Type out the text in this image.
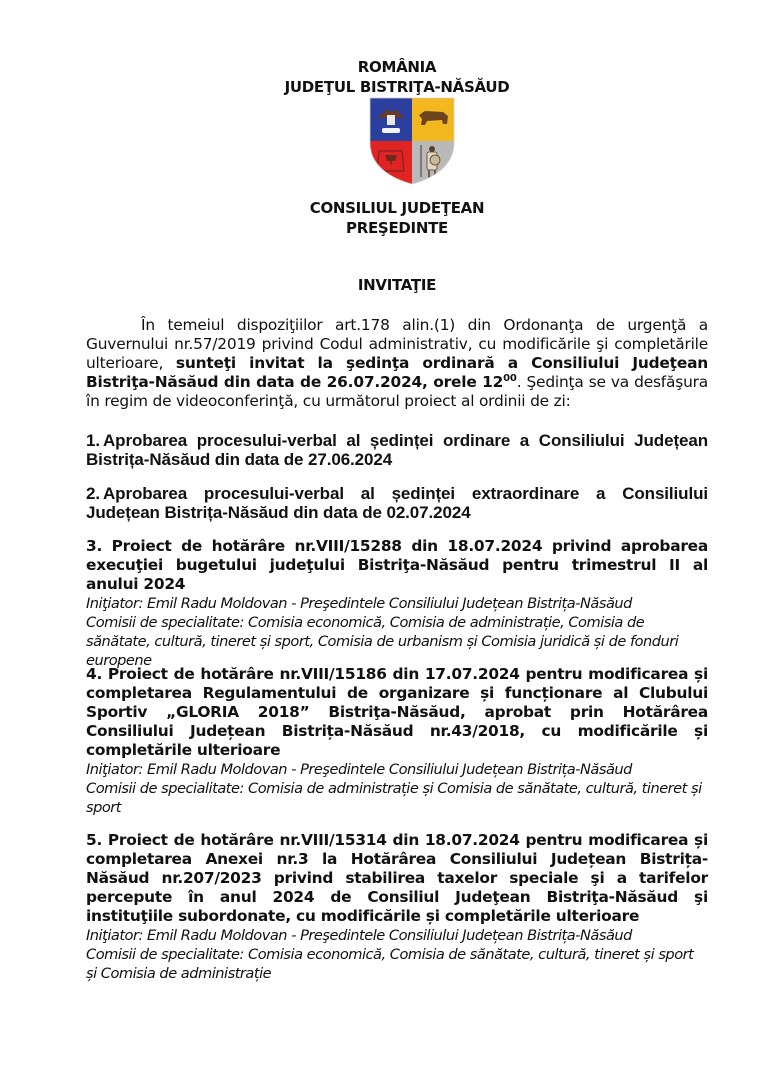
ROMÂNIA
JUDEŢUL BISTRIŢA-NĂSĂUD
CONSILIUL JUDEŢEAN
PREŞEDINTE
INVITAŢIE
În temeiul dispoziţiilor art.178 alin.(1) din Ordonanţa de urgenţă a Guvernului nr.57/2019 privind Codul administrativ, cu modificările şi completările ulterioare, sunteţi invitat la şedinţa ordinară a Consiliului Judeţean Bistriţa-Năsăud din data de 26.07.2024, orele $12^{00}$. Şedinţa se va desfăşura în regim de videoconferinţă, cu următorul proiect al ordinii de zi:
1. Aprobarea procesului-verbal al ședinței ordinare a Consiliului Județean Bistrița-Năsăud din data de 27.06.2024
2. Aprobarea procesului-verbal al ședinței extraordinare a Consiliului Județean Bistrița-Năsăud din data de 02.07.2024
3. Proiect de hotărâre nr.VIII/15288 din 18.07.2024 privind aprobarea execuţiei bugetului judeţului Bistriţa-Năsăud pentru trimestrul II al anului 2024
Iniţiator: Emil Radu Moldovan - Preşedintele Consiliului Județean Bistrița-Năsăud
Comisii de specialitate: Comisia economică, Comisia de administrație, Comisia de sănătate, cultură, tineret și sport, Comisia de urbanism și Comisia juridică și de fonduri europene
4. Proiect de hotărâre nr.VIII/15186 din 17.07.2024 pentru modificarea și completarea Regulamentului de organizare și funcționare al Clubului Sportiv „GLORIA 2018” Bistriţa-Năsăud, aprobat prin Hotărârea Consiliului Județean Bistrița-Năsăud nr.43/2018, cu modificările și completările ulterioare
Iniţiator: Emil Radu Moldovan - Preşedintele Consiliului Județean Bistrița-Năsăud
Comisii de specialitate: Comisia de administrație și Comisia de sănătate, cultură, tineret și sport
5. Proiect de hotărâre nr.VIII/15314 din 18.07.2024 pentru modificarea și completarea Anexei nr.3 la Hotărârea Consiliului Județean Bistrița-Năsăud nr.207/2023 privind stabilirea taxelor speciale şi a tarifelor percepute în anul 2024 de Consiliul Judeţean Bistriţa-Năsăud şi instituţiile subordonate, cu modificările și completările ulterioare
Iniţiator: Emil Radu Moldovan - Preşedintele Consiliului Județean Bistrița-Năsăud
Comisii de specialitate: Comisia economică, Comisia de sănătate, cultură, tineret și sport și Comisia de administrație
